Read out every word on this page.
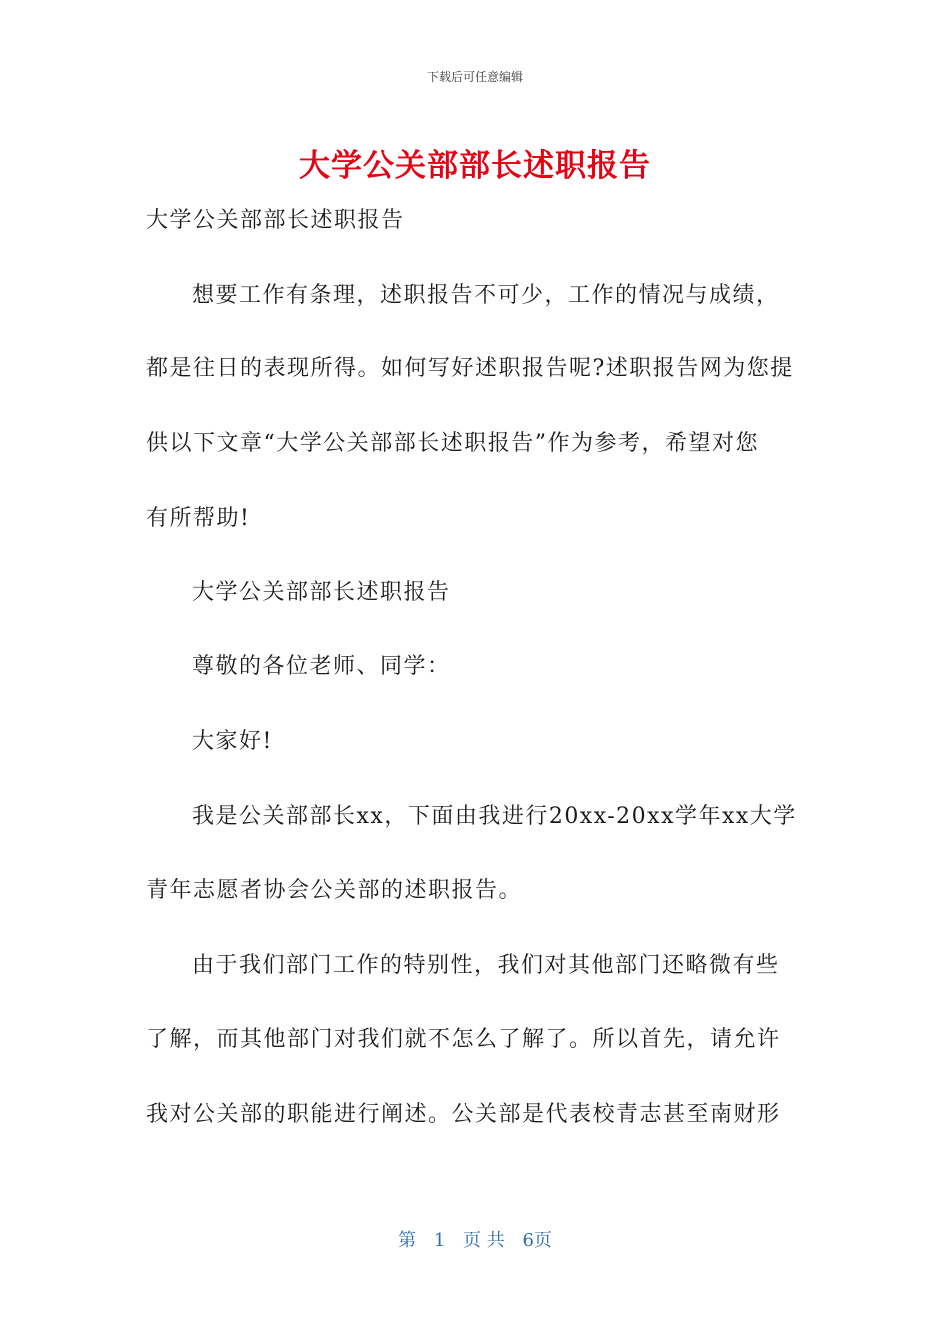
下载后可任意编辑
大学公关部部长述职报告
大学公关部部长述职报告
想要工作有条理，述职报告不可少，工作的情况与成绩，
都是往日的表现所得。如何写好述职报告呢?述职报告网为您提
供以下文章“大学公关部部长述职报告”作为参考，希望对您
有所帮助!
大学公关部部长述职报告
尊敬的各位老师、同学：
大家好!
我是公关部部长xx，下面由我进行20xx-20xx学年xx大学
青年志愿者协会公关部的述职报告。
由于我们部门工作的特别性，我们对其他部门还略微有些
了解，而其他部门对我们就不怎么了解了。所以首先，请允许
我对公关部的职能进行阐述。公关部是代表校青志甚至南财形
第 1 页 共 6页
